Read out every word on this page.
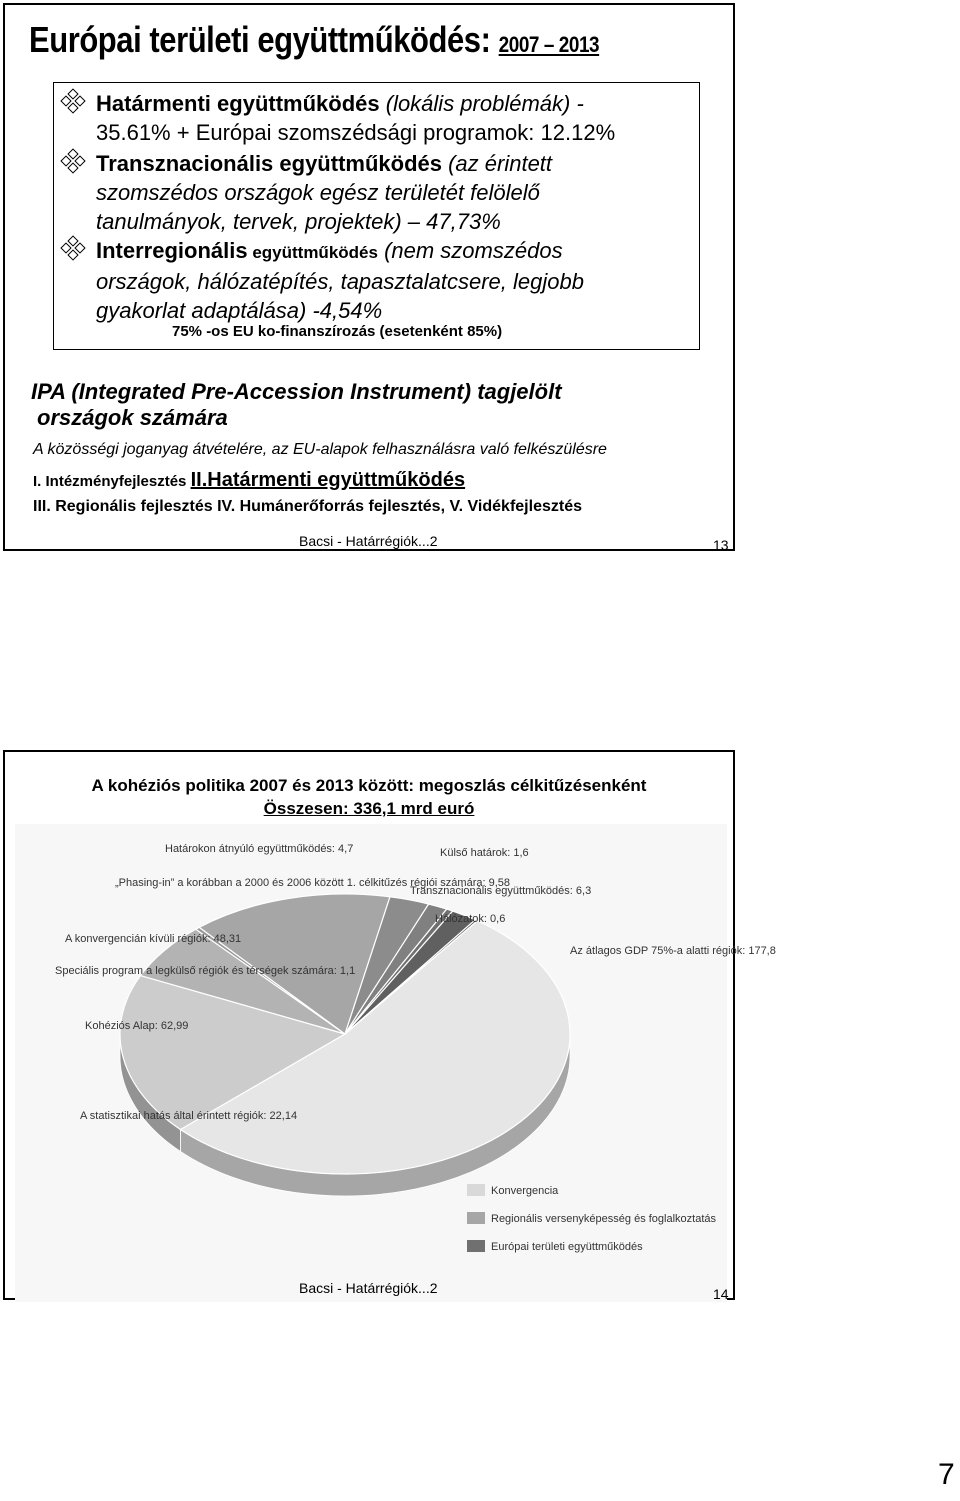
Európai területi együttműködés: 2007 – 2013
Határmenti együttműködés (lokális problémák) -
35.61% + Európai szomszédsági programok: 12.12%
Transznacionális együttműködés (az érintett
szomszédos országok egész területét felölelő
tanulmányok, tervek, projektek) – 47,73%
Interregionális együttműködés (nem szomszédos
országok, hálózatépítés, tapasztalatcsere, legjobb
gyakorlat adaptálása) -4,54%
75% -os EU ko-finanszírozás (esetenként 85%)
IPA (Integrated Pre-Accession Instrument) tagjelölt
országok számára
A közösségi joganyag átvételére, az EU-alapok felhasználásra való felkészülésre
I. Intézményfejlesztés II.Határmenti együttműködés
III. Regionális fejlesztés IV. Humánerőforrás fejlesztés, V. Vidékfejlesztés
Bacsi - Határrégiók...2	13
A kohéziós politika 2007 és 2013 között: megoszlás célkitűzésenként
Összesen: 336,1 mrd euró
Az átlagos GDP 75%-a alatti régiók: 177,8
Kohéziós Alap: 62,99
A statisztikai hatás által érintett régiók: 22,14
Speciális program a legkülső régiók és térségek számára: 1,1
A konvergencián kívüli régiók: 48,31
„Phasing-in” a korábban a 2000 és 2006 között 1. célkitűzés régiói számára: 9,58
Határokon átnyúló együttműködés: 4,7	Külső határok: 1,6
Transznacionális együttműködés: 6,3
Hálózatok: 0,6
Konvergencia
Regionális versenyképesség és foglalkoztatás
Európai területi együttműködés
Bacsi - Határrégiók...2	14
7
